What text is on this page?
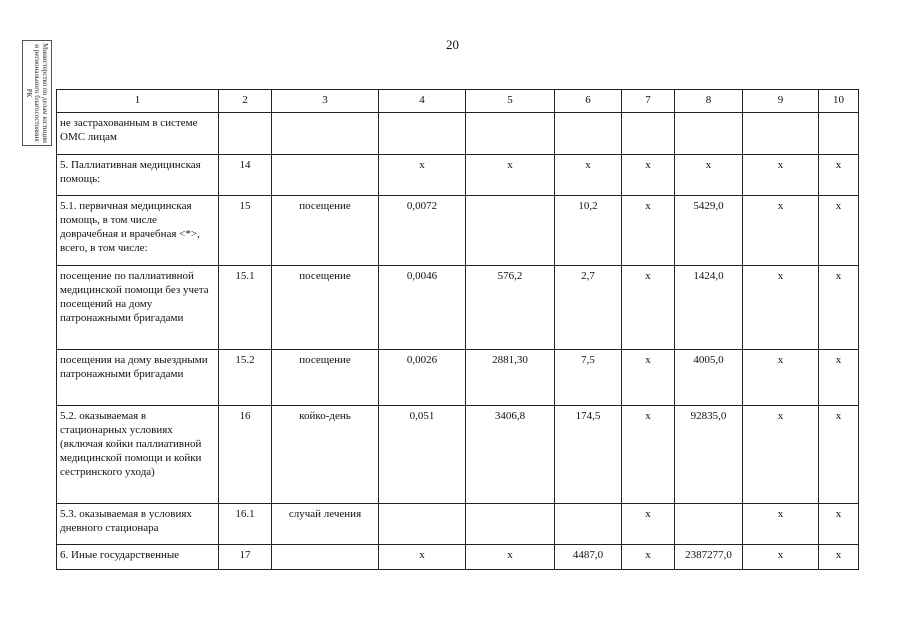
20
Министерство по делам юстиции и регионального благосостояния РК
1	2	3	4	5	6	7	8	9	10
не застрахованным в системе ОМС лицам									
5. Паллиативная медицинская помощь:	14		х	х	х	х	х	х	х
5.1. первичная медицинская помощь, в том числе доврачебная и врачебная <*>, всего, в том числе:	15	посещение	0,0072		10,2	х	5429,0	х	х
посещение по паллиативной медицинской помощи без учета посещений на дому патронажными бригадами	15.1	посещение	0,0046	576,2	2,7	х	1424,0	х	х
посещения на дому выездными патронажными бригадами	15.2	посещение	0,0026	2881,30	7,5	х	4005,0	х	х
5.2. оказываемая в стационарных условиях (включая койки паллиативной медицинской помощи и койки сестринского ухода)	16	койко-день	0,051	3406,8	174,5	х	92835,0	х	х
5.3. оказываемая в условиях дневного стационара	16.1	случай лечения				х		х	х
6. Иные государственные	17		х	х	4487,0	х	2387277,0	х	х
